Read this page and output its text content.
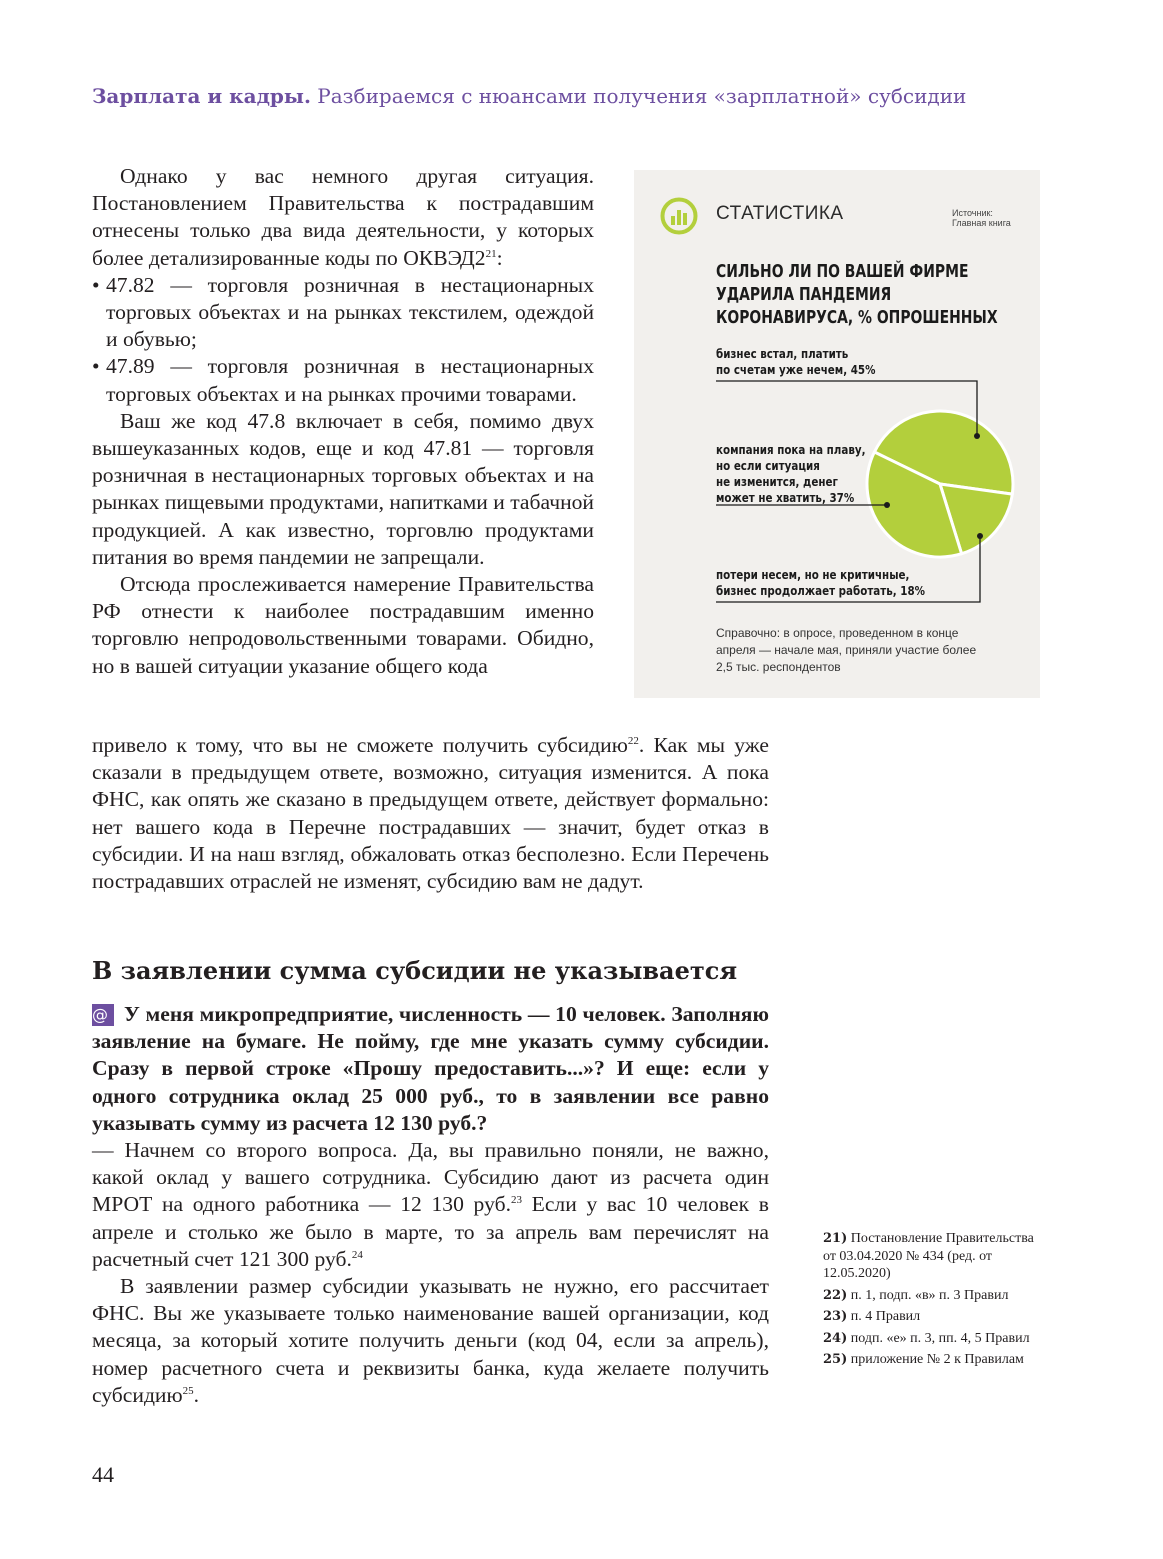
Зарплата и кадры. Разбираемся с нюансами получения «зарплатной» субсидии

Однако у вас немного другая ситуация. Постановлением Правительства к пострадавшим отнесены только два вида деятельности, у которых более детализированные коды по $ОКВЭД2^{21}$:

• 47.82 — торговля розничная в нестационарных торговых объектах и на рынках текстилем, одеждой и обувью;

• 47.89 — торговля розничная в нестационарных торговых объектах и на рынках прочими товарами.

Ваш же код 47.8 включает в себя, помимо двух вышеуказанных кодов, еще и код 47.81 — торговля розничная в нестационарных торговых объектах и на рынках пищевыми продуктами, напитками и табачной продукцией. А как известно, торговлю продуктами питания во время пандемии не запрещали.

Отсюда прослеживается намерение Правительства РФ отнести к наиболее пострадавшим именно торговлю непродовольственными товарами. Обидно, но в вашей ситуации указание общего кода

привело к тому, что вы не сможете получить субсидию$^{22}$. Как мы уже сказали в предыдущем ответе, возможно, ситуация изменится. А пока ФНС, как опять же сказано в предыдущем ответе, действует формально: нет вашего кода в Перечне пострадавших — значит, будет отказ в субсидии. И на наш взгляд, обжаловать отказ бесполезно. Если Перечень пострадавших отраслей не изменят, субсидию вам не дадут.

В заявлении сумма субсидии не указывается

@ У меня микропредприятие, численность — 10 человек. Заполняю заявление на бумаге. Не пойму, где мне указать сумму субсидии. Сразу в первой строке «Прошу предоставить...»? И еще: если у одного сотрудника оклад 25 000 руб., то в заявлении все равно указывать сумму из расчета 12 130 руб.?

— Начнем со второго вопроса. Да, вы правильно поняли, не важно, какой оклад у вашего сотрудника. Субсидию дают из расчета один МРОТ на одного работника — 12 130 руб.$^{23}$ Если у вас 10 человек в апреле и столько же было в марте, то за апрель вам перечислят на расчетный счет 121 300 руб.$^{24}$

В заявлении размер субсидии указывать не нужно, его рассчитает ФНС. Вы же указываете только наименование вашей организации, код месяца, за который хотите получить деньги (код 04, если за апрель), номер расчетного счета и реквизиты банка, куда желаете получить субсидию$^{25}$.

СТАТИСТИКА	Источник:
Главная книга
СИЛЬНО ЛИ ПО ВАШЕЙ ФИРМЕ
УДАРИЛА ПАНДЕМИЯ
КОРОНАВИРУСА, % ОПРОШЕННЫХ
бизнес встал, платить
по счетам уже нечем, 45%
компания пока на плаву,
но если ситуация
не изменится, денег
может не хватить, 37%
потери несем, но не критичные,
бизнес продолжает работать, 18%
Справочно: в опросе, проведенном в конце
апреля — начале мая, приняли участие более
2,5 тыс. респондентов
21) Постановление Правительства от 03.04.2020 № 434 (ред. от 12.05.2020)
22) п. 1, подп. «в» п. 3 Правил
23) п. 4 Правил
24) подп. «е» п. 3, пп. 4, 5 Правил
25) приложение № 2 к Правилам
44
